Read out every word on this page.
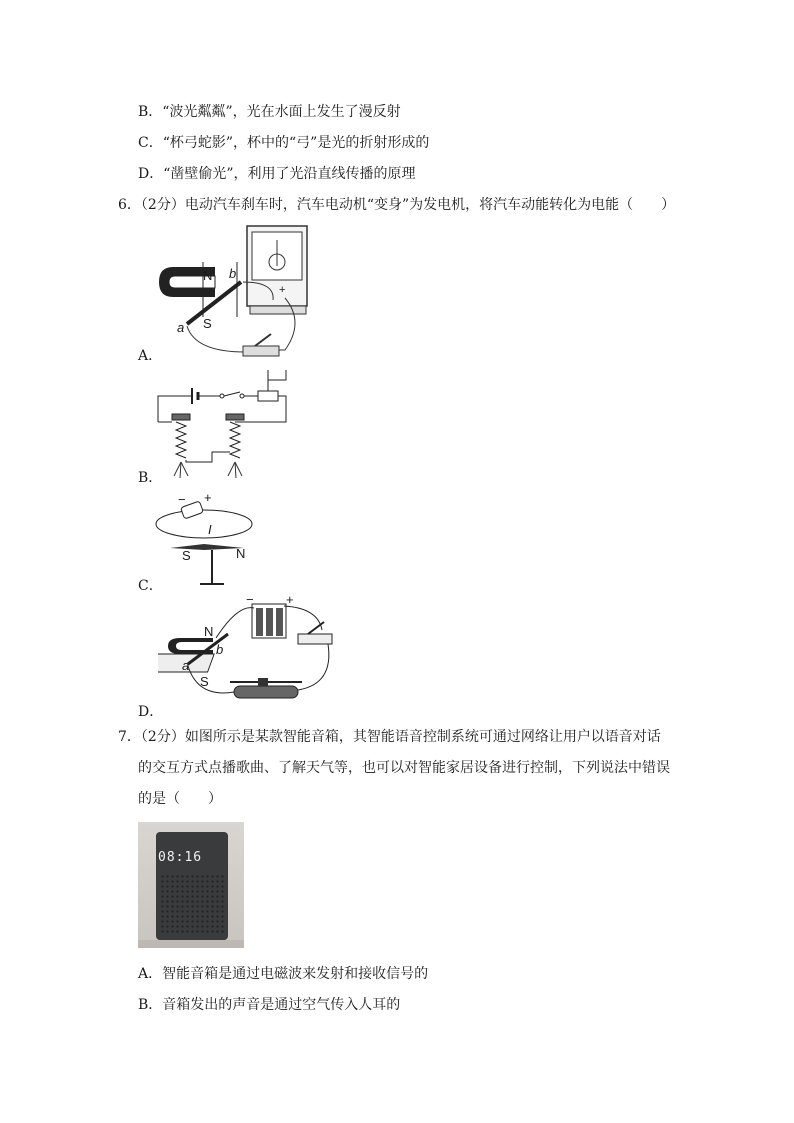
B．“波光粼粼”，光在水面上发生了漫反射
C．“杯弓蛇影”，杯中的“弓”是光的折射形成的
D．“凿壁偷光”，利用了光沿直线传播的原理
6．（2分）电动汽车刹车时，汽车电动机“变身”为发电机，将汽车动能转化为电能（　　）
N
S
a
b
+
A．
B．
− +
I
S	N
C．
N
S
a
b
− +
D．
7．（2分）如图所示是某款智能音箱，其智能语音控制系统可通过网络让用户以语音对话
的交互方式点播歌曲、了解天气等，也可以对智能家居设备进行控制，下列说法中错误
的是（　　）
08:16
A．智能音箱是通过电磁波来发射和接收信号的
B．音箱发出的声音是通过空气传入人耳的
